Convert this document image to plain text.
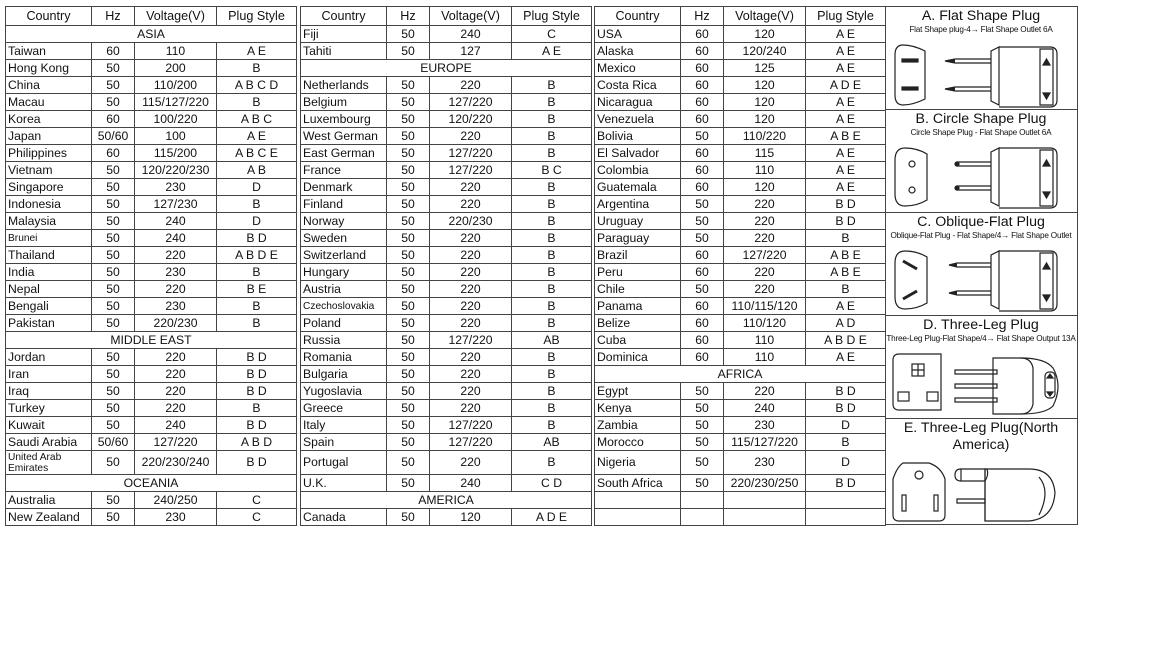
Country	Hz	Voltage(V)	Plug Style
ASIA			
Taiwan	60	110	A E
Hong Kong	50	200	B
China	50	110/200	A B C D
Macau	50	115/127/220	B
Korea	60	100/220	A B C
Japan	50/60	100	A E
Philippines	60	115/200	A B C E
Vietnam	50	120/220/230	A B
Singapore	50	230	D
Indonesia	50	127/230	B
Malaysia	50	240	D
Brunei	50	240	B D
Thailand	50	220	A B D E
India	50	230	B
Nepal	50	220	B E
Bengali	50	230	B
Pakistan	50	220/230	B
MIDDLE EAST			
Jordan	50	220	B D
Iran	50	220	B D
Iraq	50	220	B D
Turkey	50	220	B
Kuwait	50	240	B D
Saudi Arabia	50/60	127/220	A B D
United Arab Emirates	50	220/230/240	B D
OCEANIA			
Australia	50	240/250	C
New Zealand	50	230	C
Country	Hz	Voltage(V)	Plug Style
Fiji	50	240	C
Tahiti	50	127	A E
EUROPE			
Netherlands	50	220	B
Belgium	50	127/220	B
Luxembourg	50	120/220	B
West German	50	220	B
East German	50	127/220	B
France	50	127/220	B C
Denmark	50	220	B
Finland	50	220	B
Norway	50	220/230	B
Sweden	50	220	B
Switzerland	50	220	B
Hungary	50	220	B
Austria	50	220	B
Czechoslovakia	50	220	B
Poland	50	220	B
Russia	50	127/220	AB
Romania	50	220	B
Bulgaria	50	220	B
Yugoslavia	50	220	B
Greece	50	220	B
Italy	50	127/220	B
Spain	50	127/220	AB
Portugal	50	220	B
U.K.	50	240	C D
AMERICA			
Canada	50	120	A D E
Country	Hz	Voltage(V)	Plug Style
USA	60	120	A E
Alaska	60	120/240	A E
Mexico	60	125	A E
Costa Rica	60	120	A D E
Nicaragua	60	120	A E
Venezuela	60	120	A E
Bolivia	50	110/220	A B E
El Salvador	60	115	A E
Colombia	60	110	A E
Guatemala	60	120	A E
Argentina	50	220	B D
Uruguay	50	220	B D
Paraguay	50	220	B
Brazil	60	127/220	A B E
Peru	60	220	A B E
Chile	50	220	B
Panama	60	110/115/120	A E
Belize	60	110/120	A D
Cuba	60	110	A B D E
Dominica	60	110	A E
AFRICA			
Egypt	50	220	B D
Kenya	50	240	B D
Zambia	50	230	D
Morocco	50	115/127/220	B
Nigeria	50	230	D
South Africa	50	220/230/250	B D

A. Flat Shape Plug
Flat Shape plug-4→ Flat Shape Outlet 6A
B. Circle Shape Plug
Circle Shape Plug - Flat Shape Outlet 6A
C. Oblique-Flat Plug
Oblique-Flat Plug - Flat Shape/4→ Flat Shape Outlet
D. Three-Leg Plug
Three-Leg Plug-Flat Shape/4→ Flat Shape Output 13A
E. Three-Leg Plug(North America)
